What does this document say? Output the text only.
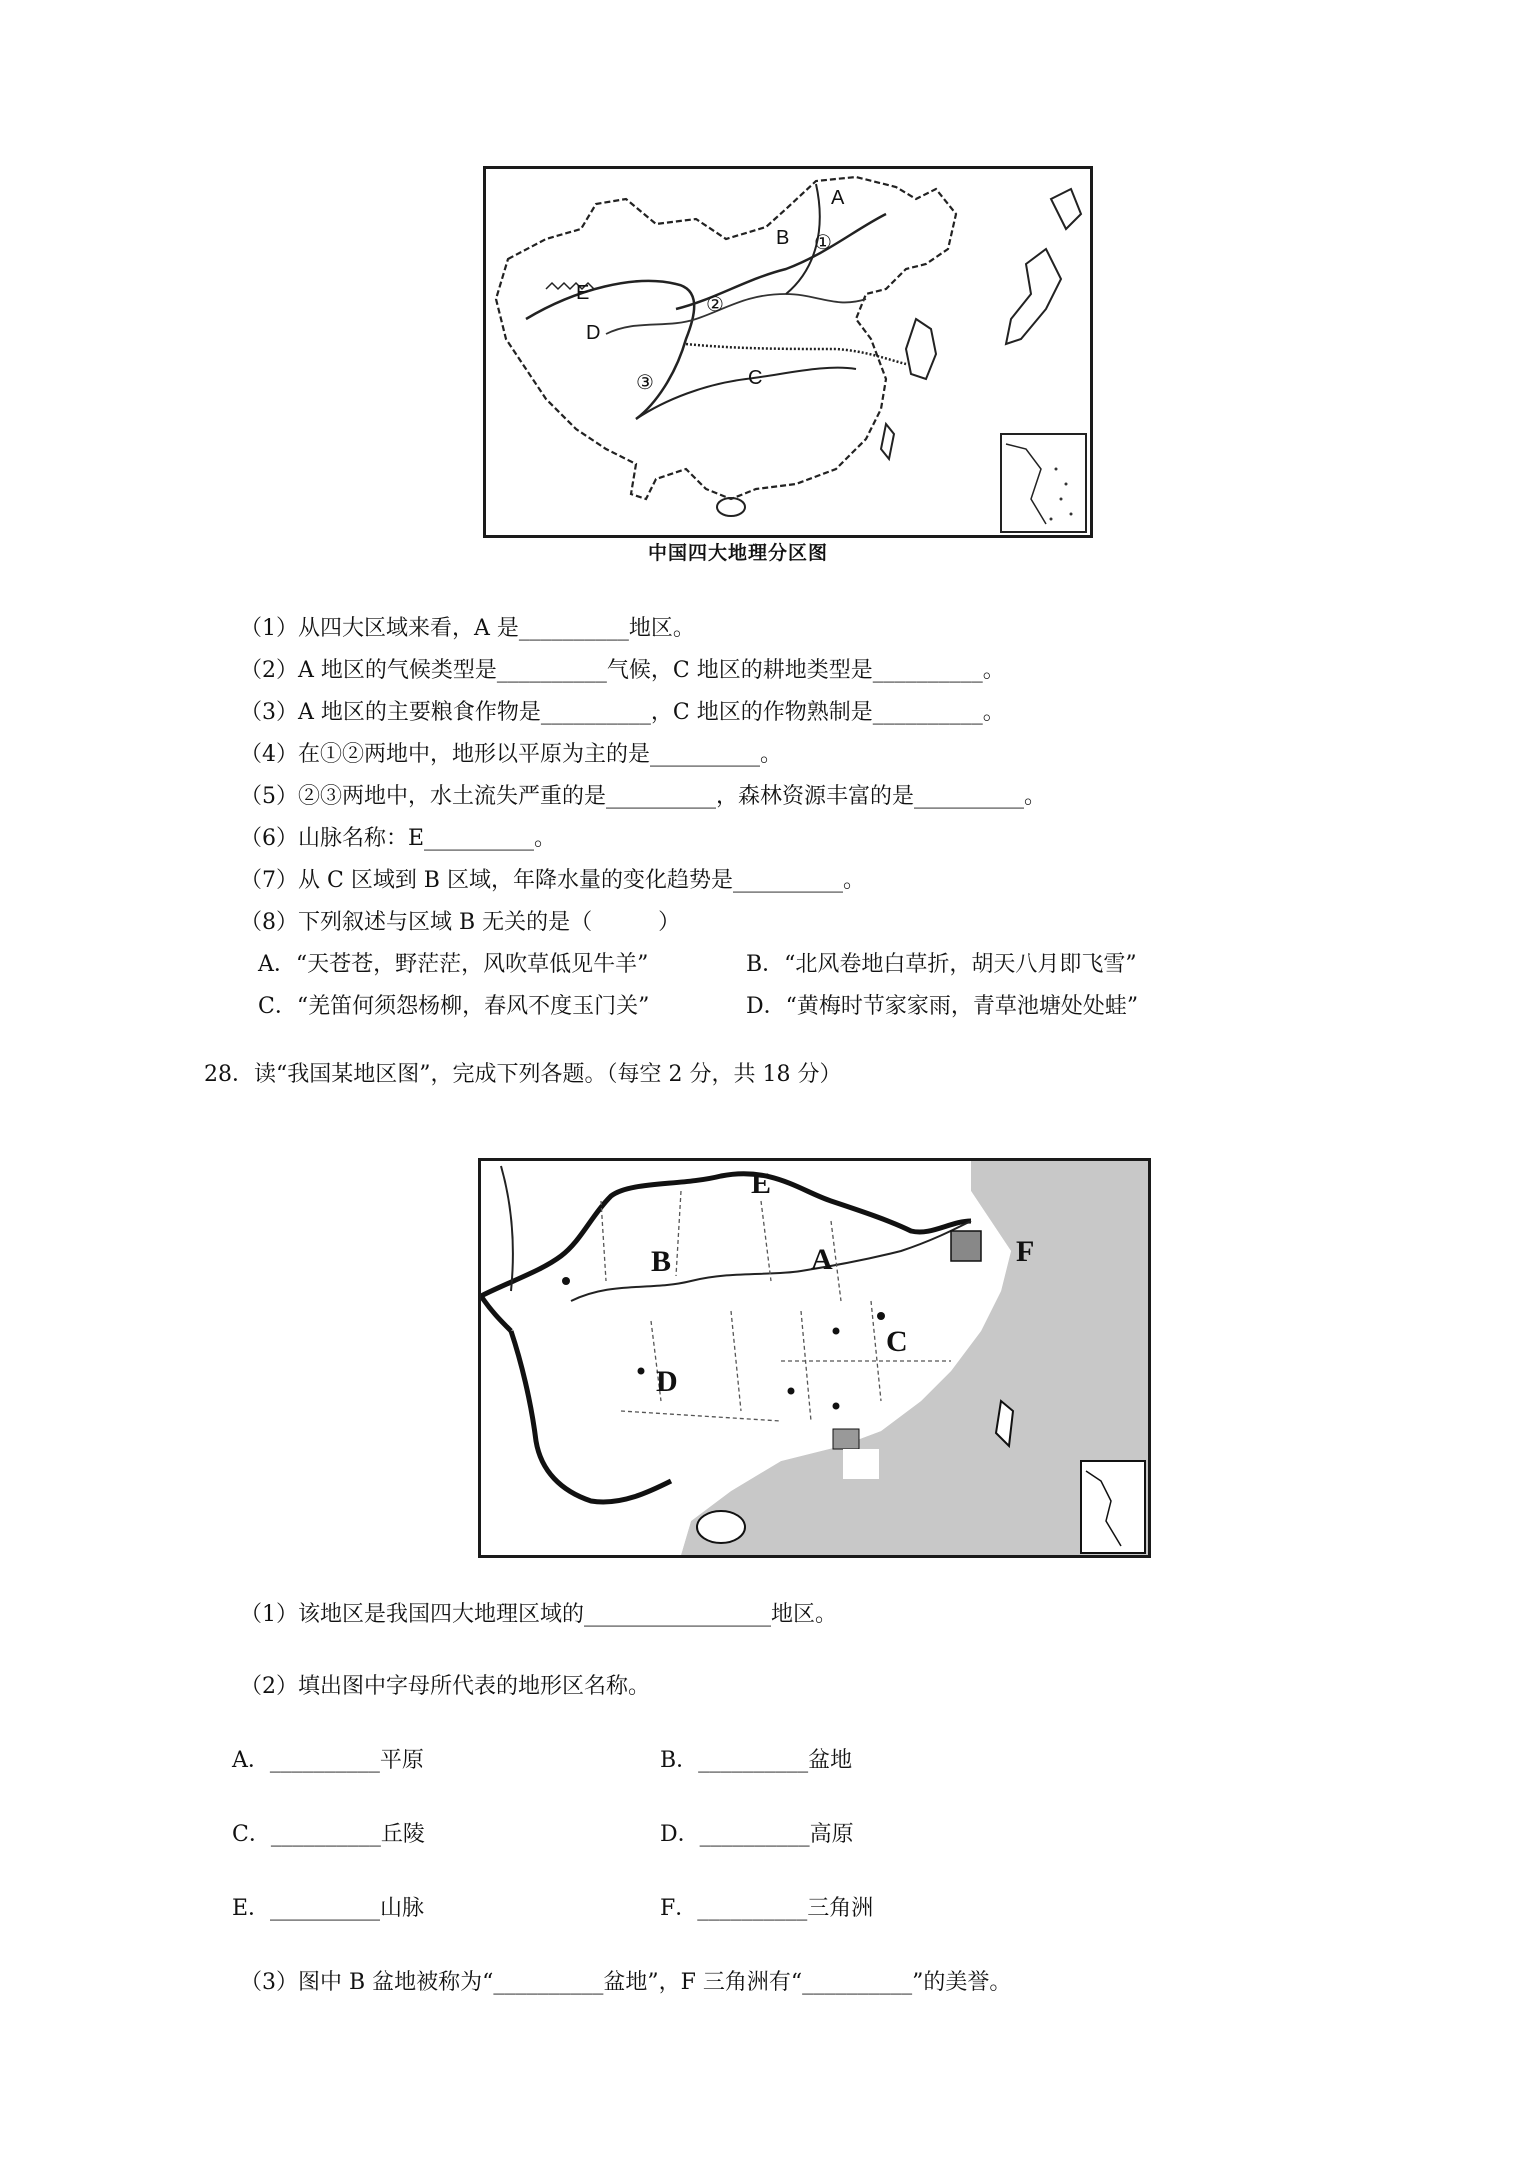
A
B ①
E
D
②
③	C
中国四大地理分区图
（1）从四大区域来看，A 是__________地区。
（2）A 地区的气候类型是__________气候，C 地区的耕地类型是__________。
（3）A 地区的主要粮食作物是__________，C 地区的作物熟制是__________。
（4）在①②两地中，地形以平原为主的是__________。
（5）②③两地中，水土流失严重的是__________，森林资源丰富的是__________。
（6）山脉名称：E__________。
（7）从 C 区域到 B 区域，年降水量的变化趋势是__________。
（8）下列叙述与区域 B 无关的是（　　　）
A．“天苍苍，野茫茫，风吹草低见牛羊”	B．“北风卷地白草折，胡天八月即飞雪”
C．“羌笛何须怨杨柳，春风不度玉门关”	D．“黄梅时节家家雨，青草池塘处处蛙”
28．读“我国某地区图”，完成下列各题。（每空 2 分，共 18 分）
E
B	A	F
C
D
（1）该地区是我国四大地理区域的_________________地区。
（2）填出图中字母所代表的地形区名称。
A．__________平原	B．__________盆地
C．__________丘陵	D．__________高原
E．__________山脉	F．__________三角洲
（3）图中 B 盆地被称为“__________盆地”，F 三角洲有“__________”的美誉。
